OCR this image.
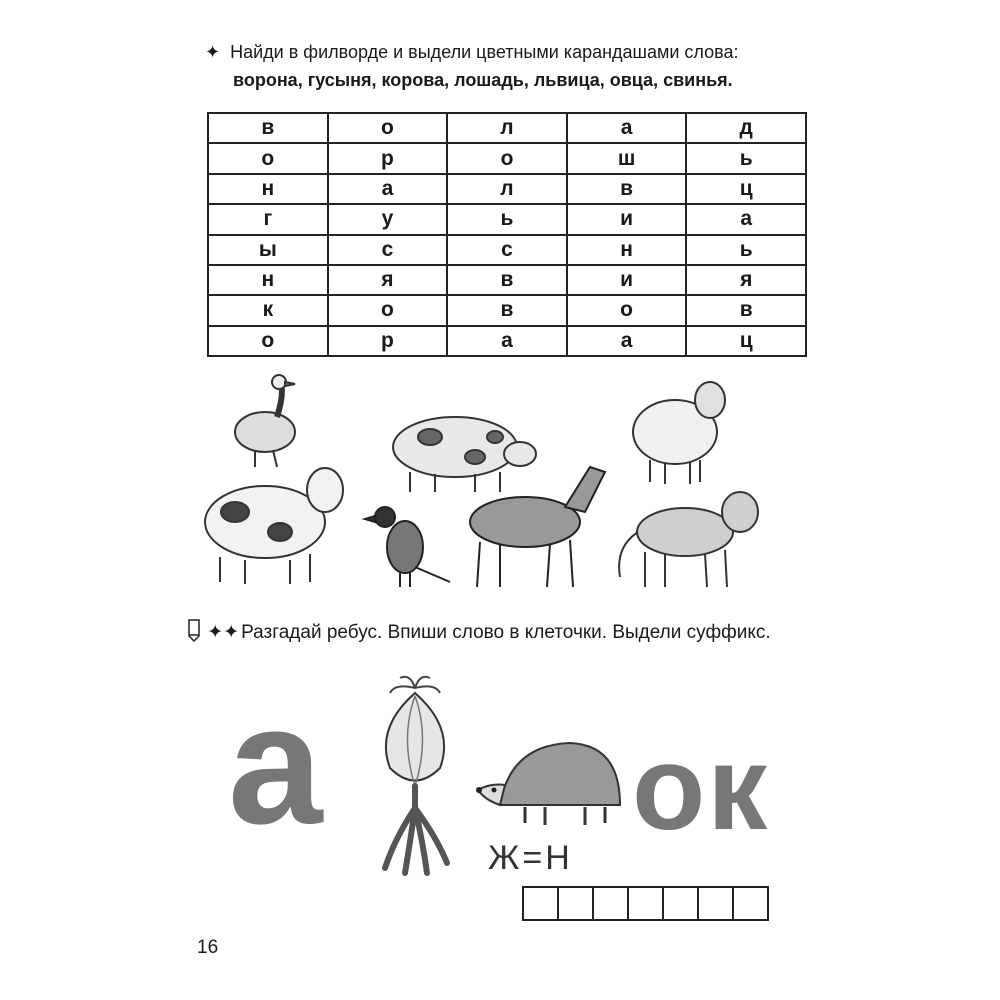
✦ Найди в филворде и выдели цветными карандашами слова:
ворона, гусыня, корова, лошадь, львица, овца, свинья.
в	о	л	а	д
о	р	о	ш	ь
н	а	л	в	ц
г	у	ь	и	а
ы	с	с	н	ь
н	я	в	и	я
к	о	в	о	в
о	р	а	а	ц
✦✦ Разгадай ребус. Впиши слово в клеточки. Выдели суффикс.
а	ок
Ж=Н
16
